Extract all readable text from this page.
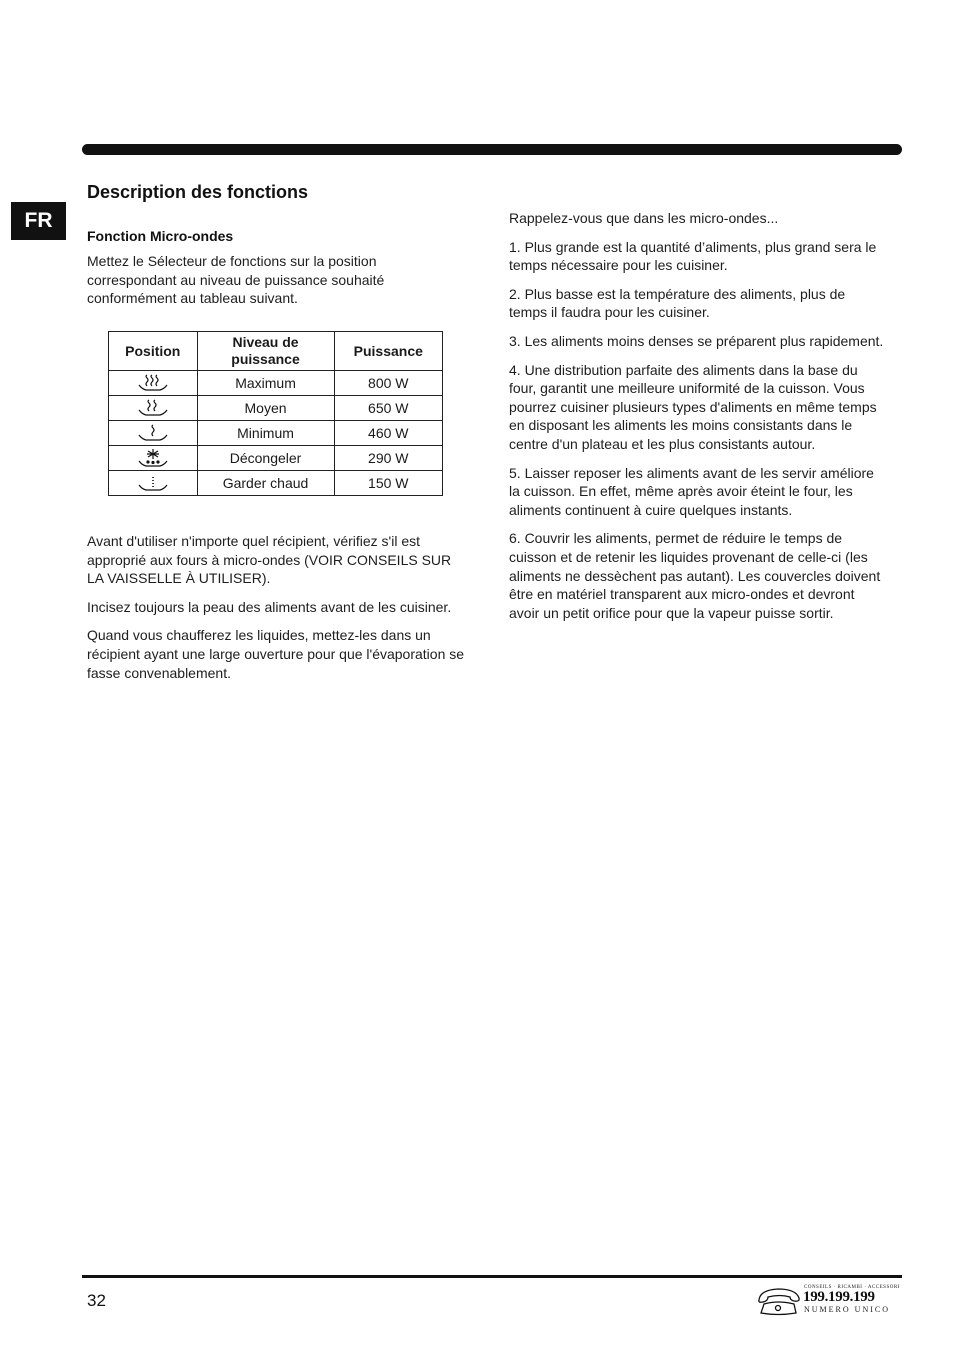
FR
Description des fonctions
Fonction Micro-ondes

Mettez le Sélecteur de fonctions sur la position correspondant au niveau de puissance souhaité conformément au tableau suivant.

Position	Niveau de puissance	Puissance

	Maximum	800 W

	Moyen	650 W

	Minimum	460 W

	Décongeler	290 W

	Garder chaud	150 W

Avant d'utiliser n'importe quel récipient, vérifiez s'il est approprié aux fours à micro-ondes (VOIR CONSEILS SUR LA VAISSELLE À UTILISER).

Incisez toujours la peau des aliments avant de les cuisiner.

Quand vous chaufferez les liquides, mettez-les dans un récipient ayant une large ouverture pour que l'évaporation se fasse convenablement.

Rappelez-vous que dans les micro-ondes...

1. Plus grande est la quantité d’aliments, plus grand sera le temps nécessaire pour les cuisiner.

2. Plus basse est la température des aliments, plus de temps il faudra pour les cuisiner.

3. Les aliments moins denses se préparent plus rapidement.

4. Une distribution parfaite des aliments dans la base du four, garantit une meilleure uniformité de la cuisson. Vous pourrez cuisiner plusieurs types d'aliments en même temps en disposant les aliments les moins consistants dans le centre d'un plateau et les plus consistants autour.

5. Laisser reposer les aliments avant de les servir améliore la cuisson. En effet, même après avoir éteint le four, les aliments continuent à cuire quelques instants.

6. Couvrir les aliments, permet de réduire le temps de cuisson et de retenir les liquides provenant de celle-ci (les aliments ne dessèchent pas autant). Les couvercles doivent être en matériel transparent aux micro-ondes et devront avoir un petit orifice pour que la vapeur puisse sortir.

32
CONSEILS · RICAMBI · ACCESSORI
199.199.199
NUMERO UNICO
